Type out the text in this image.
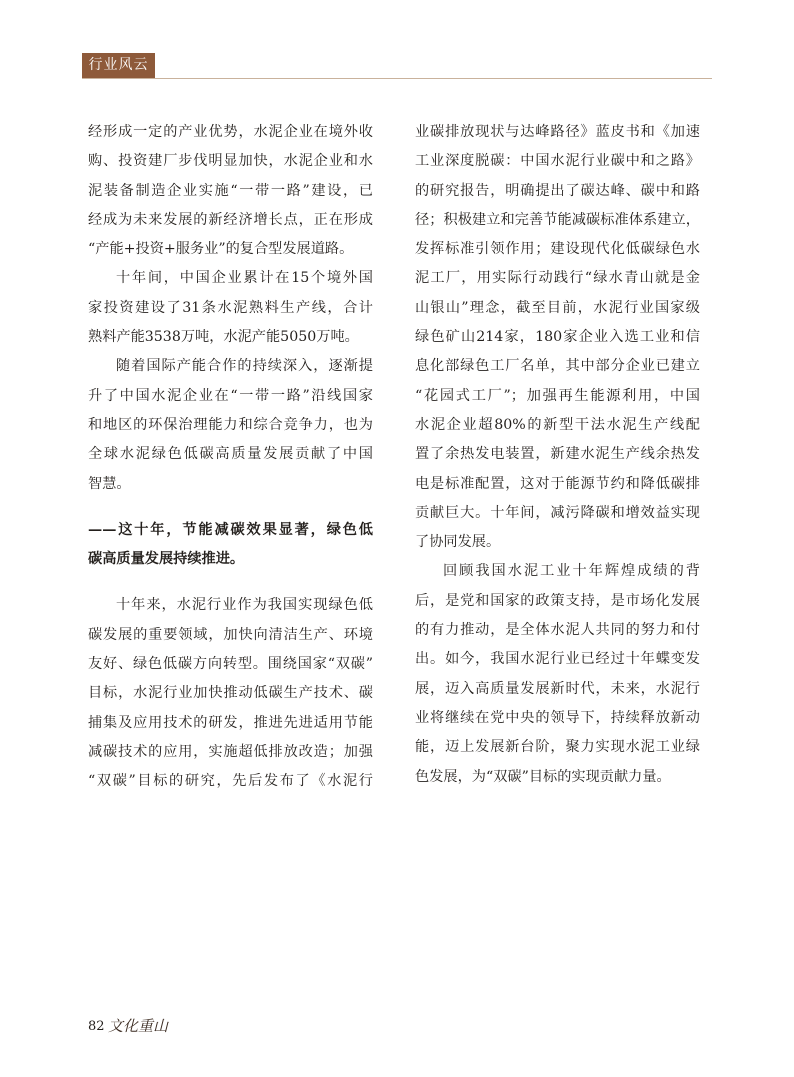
行业风云
经形成一定的产业优势，水泥企业在境外收
购、投资建厂步伐明显加快，水泥企业和水
泥装备制造企业实施“一带一路”建设，已
经成为未来发展的新经济增长点，正在形成
“产能+投资+服务业”的复合型发展道路。
十年间，中国企业累计在15个境外国
家投资建设了31条水泥熟料生产线，合计
熟料产能3538万吨，水泥产能5050万吨。
随着国际产能合作的持续深入，逐渐提
升了中国水泥企业在“一带一路”沿线国家
和地区的环保治理能力和综合竞争力，也为
全球水泥绿色低碳高质量发展贡献了中国
智慧。
——这十年，节能减碳效果显著，绿色低
碳高质量发展持续推进。
十年来，水泥行业作为我国实现绿色低
碳发展的重要领域，加快向清洁生产、环境
友好、绿色低碳方向转型。围绕国家“双碳”
目标，水泥行业加快推动低碳生产技术、碳
捕集及应用技术的研发，推进先进适用节能
减碳技术的应用，实施超低排放改造；加强
“双碳”目标的研究，先后发布了《水泥行
业碳排放现状与达峰路径》蓝皮书和《加速
工业深度脱碳：中国水泥行业碳中和之路》
的研究报告，明确提出了碳达峰、碳中和路
径；积极建立和完善节能减碳标准体系建立，
发挥标准引领作用；建设现代化低碳绿色水
泥工厂，用实际行动践行“绿水青山就是金
山银山”理念，截至目前，水泥行业国家级
绿色矿山214家，180家企业入选工业和信
息化部绿色工厂名单，其中部分企业已建立
“花园式工厂”；加强再生能源利用，中国
水泥企业超80%的新型干法水泥生产线配
置了余热发电装置，新建水泥生产线余热发
电是标准配置，这对于能源节约和降低碳排
贡献巨大。十年间，减污降碳和增效益实现
了协同发展。
回顾我国水泥工业十年辉煌成绩的背
后，是党和国家的政策支持，是市场化发展
的有力推动，是全体水泥人共同的努力和付
出。如今，我国水泥行业已经过十年蝶变发
展，迈入高质量发展新时代，未来，水泥行
业将继续在党中央的领导下，持续释放新动
能，迈上发展新台阶，聚力实现水泥工业绿
色发展，为“双碳”目标的实现贡献力量。
82 文化重山
